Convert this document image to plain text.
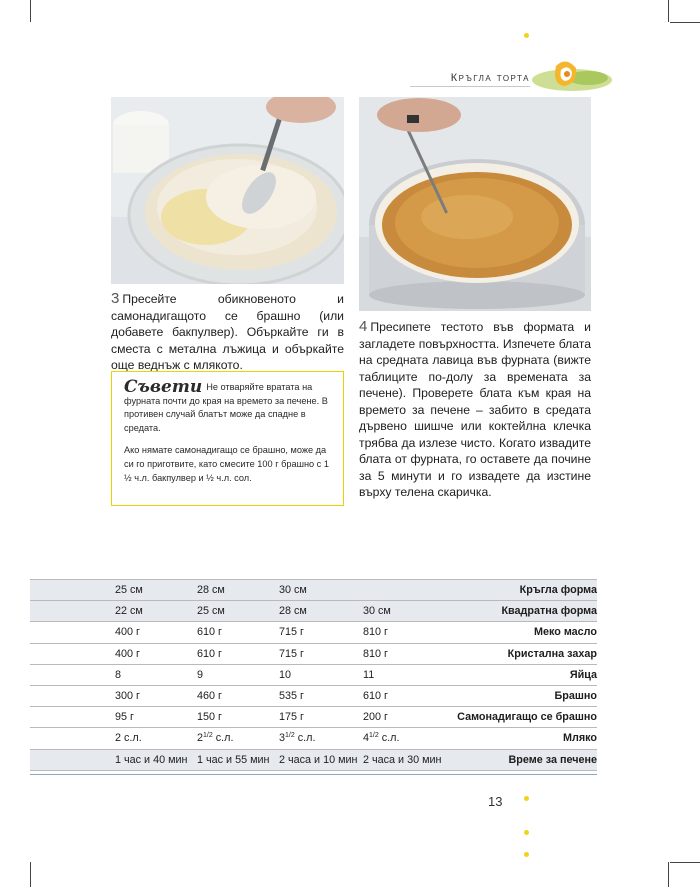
Кръгла торта
3 Пресейте обикновеното и самонадигащото се брашно (или добавете бакпулвер). Объркайте ги в сместа с метална лъжица и объркайте още веднъж с млякото.
4 Пресипете тестото във формата и загладете повърхността. Изпечете блата на средната лавица във фурната (вижте таблиците по-долу за времената за печене). Проверете блата към края на времето за печене – забито в средата дървено шишче или коктейлна клечка трябва да излезе чисто. Когато извадите блата от фурната, го оставете да почине за 5 минути и го извадете да изстине върху телена скаричка.

Съвети Не отваряйте вратата на фурната почти до края на времето за печене. В противен случай блатът може да спадне в средата.

Ако нямате самонадигащо се брашно, може да си го приготвите, като смесите 100 г брашно с 1 ½ ч.л. бакпулвер и ½ ч.л. сол.

	25 см	28 см	30 см		Кръгла форма
	22 см	25 см	28 см	30 см	Квадратна форма
	400 г	610 г	715 г	810 г	Меко масло
	400 г	610 г	715 г	810 г	Кристална захар
	8	9	10	11	Яйца
	300 г	460 г	535 г	610 г	Брашно
	95 г	150 г	175 г	200 г	Самонадигащо се брашно
	2 с.л.	$2^{1/2}$ с.л.	$3^{1/2}$ с.л.	$4^{1/2}$ с.л.	Мляко
	1 час и 40 мин	1 час и 55 мин	2 часа и 10 мин	2 часа и 30 мин	Време за печене
13
